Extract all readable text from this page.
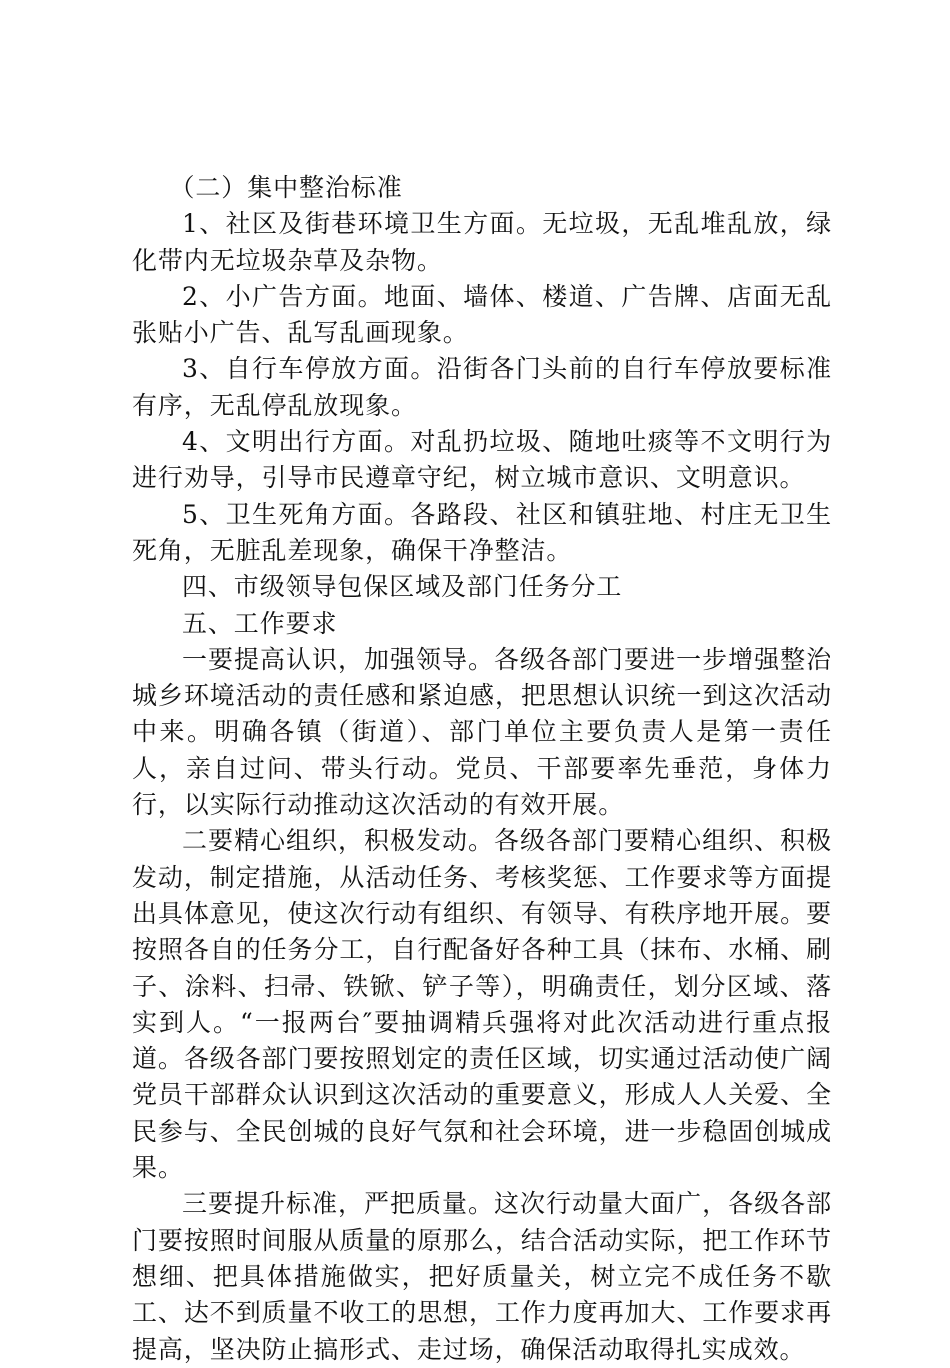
（二）集中整治标准

1、社区及街巷环境卫生方面。无垃圾，无乱堆乱放，绿化带内无垃圾杂草及杂物。

2、小广告方面。地面、墙体、楼道、广告牌、店面无乱张贴小广告、乱写乱画现象。

3、自行车停放方面。沿街各门头前的自行车停放要标准有序，无乱停乱放现象。

4、文明出行方面。对乱扔垃圾、随地吐痰等不文明行为进行劝导，引导市民遵章守纪，树立城市意识、文明意识。

5、卫生死角方面。各路段、社区和镇驻地、村庄无卫生死角，无脏乱差现象，确保干净整洁。

四、市级领导包保区域及部门任务分工

五、工作要求

一要提高认识，加强领导。各级各部门要进一步增强整治城乡环境活动的责任感和紧迫感，把思想认识统一到这次活动中来。明确各镇（街道）、部门单位主要负责人是第一责任人，亲自过问、带头行动。党员、干部要率先垂范，身体力行，以实际行动推动这次活动的有效开展。

二要精心组织，积极发动。各级各部门要精心组织、积极发动，制定措施，从活动任务、考核奖惩、工作要求等方面提出具体意见，使这次行动有组织、有领导、有秩序地开展。要按照各自的任务分工，自行配备好各种工具（抹布、水桶、刷子、涂料、扫帚、铁锨、铲子等），明确责任，划分区域、落实到人。“一报两台″要抽调精兵强将对此次活动进行重点报道。各级各部门要按照划定的责任区域，切实通过活动使广阔党员干部群众认识到这次活动的重要意义，形成人人关爱、全民参与、全民创城的良好气氛和社会环境，进一步稳固创城成果。

三要提升标准，严把质量。这次行动量大面广，各级各部门要按照时间服从质量的原那么，结合活动实际，把工作环节想细、把具体措施做实，把好质量关，树立完不成任务不歇工、达不到质量不收工的思想，工作力度再加大、工作要求再提高，坚决防止搞形式、走过场，确保活动取得扎实成效。
